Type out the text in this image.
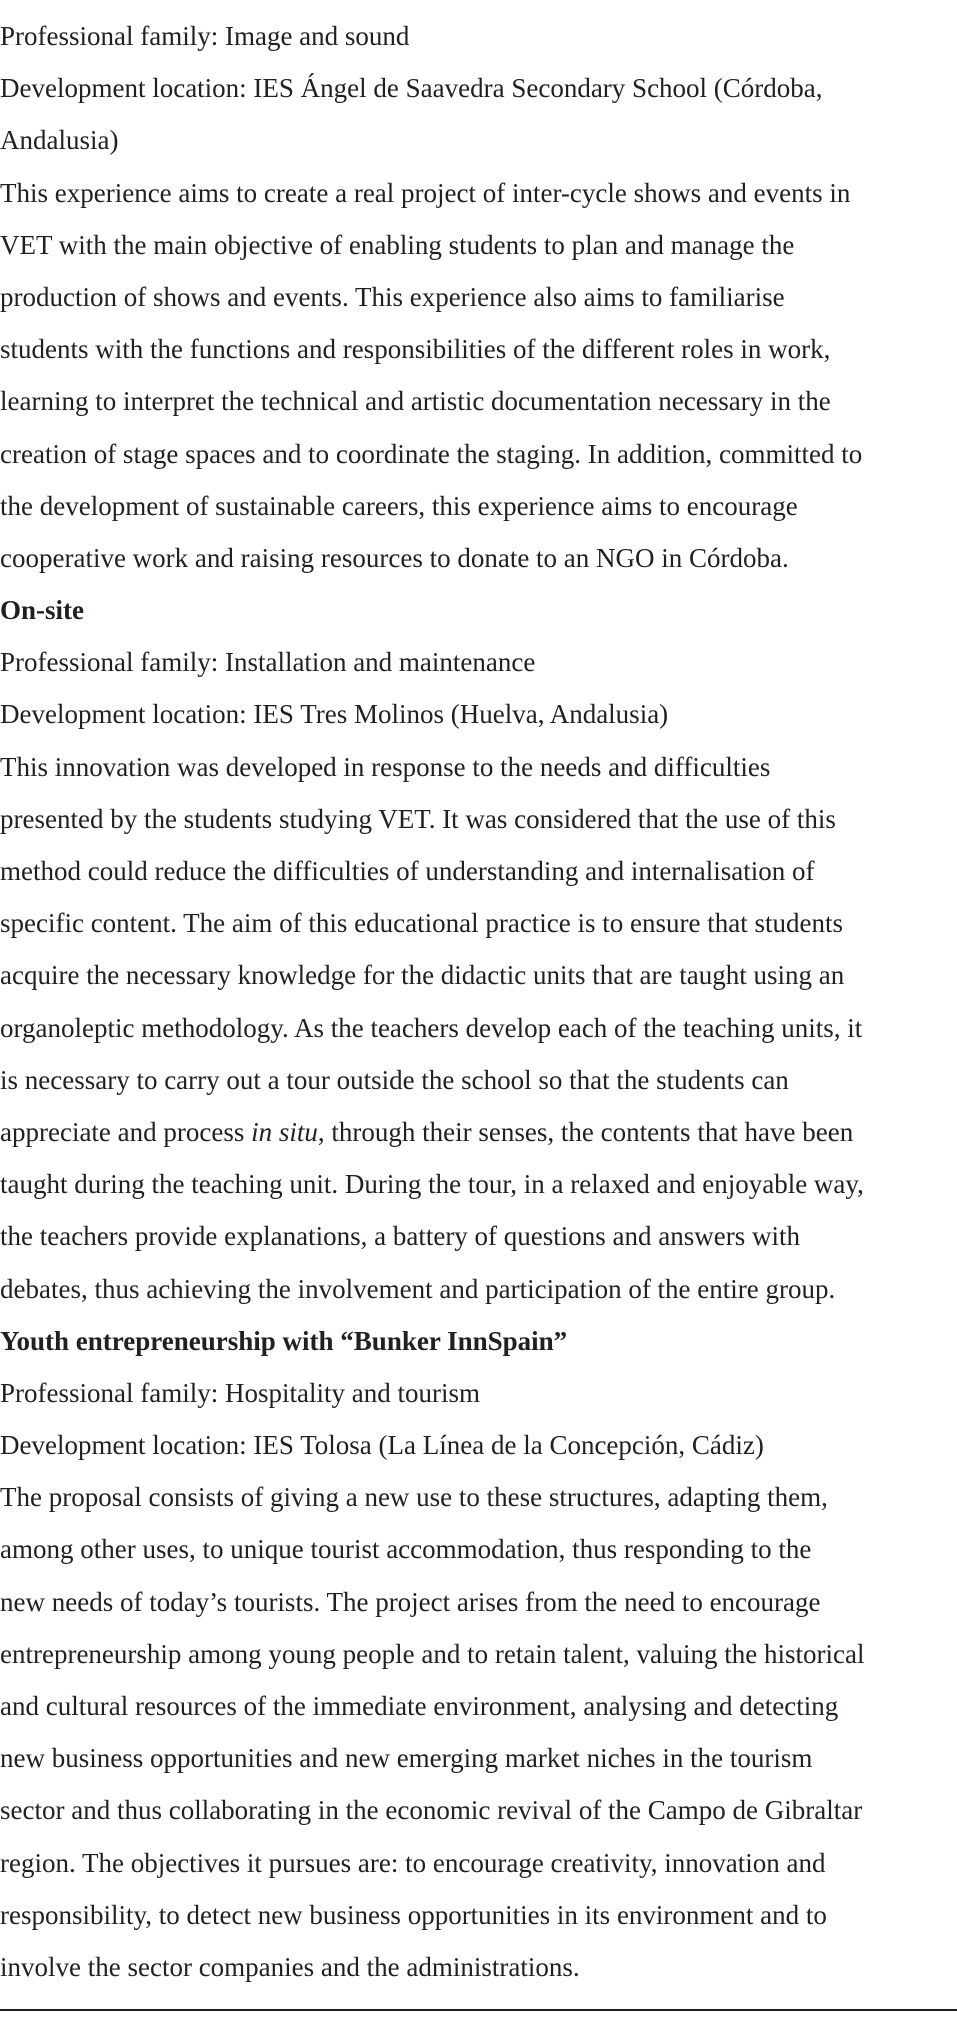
Professional family: Image and sound
Development location: IES Ángel de Saavedra Secondary School (Córdoba,
Andalusia)
This experience aims to create a real project of inter-cycle shows and events in
VET with the main objective of enabling students to plan and manage the
production of shows and events. This experience also aims to familiarise
students with the functions and responsibilities of the different roles in work,
learning to interpret the technical and artistic documentation necessary in the
creation of stage spaces and to coordinate the staging. In addition, committed to
the development of sustainable careers, this experience aims to encourage
cooperative work and raising resources to donate to an NGO in Córdoba.
On-site
Professional family: Installation and maintenance
Development location: IES Tres Molinos (Huelva, Andalusia)
This innovation was developed in response to the needs and difficulties
presented by the students studying VET. It was considered that the use of this
method could reduce the difficulties of understanding and internalisation of
specific content. The aim of this educational practice is to ensure that students
acquire the necessary knowledge for the didactic units that are taught using an
organoleptic methodology. As the teachers develop each of the teaching units, it
is necessary to carry out a tour outside the school so that the students can
appreciate and process in situ, through their senses, the contents that have been
taught during the teaching unit. During the tour, in a relaxed and enjoyable way,
the teachers provide explanations, a battery of questions and answers with
debates, thus achieving the involvement and participation of the entire group.
Youth entrepreneurship with “Bunker InnSpain”
Professional family: Hospitality and tourism
Development location: IES Tolosa (La Línea de la Concepción, Cádiz)
The proposal consists of giving a new use to these structures, adapting them,
among other uses, to unique tourist accommodation, thus responding to the
new needs of today’s tourists. The project arises from the need to encourage
entrepreneurship among young people and to retain talent, valuing the historical
and cultural resources of the immediate environment, analysing and detecting
new business opportunities and new emerging market niches in the tourism
sector and thus collaborating in the economic revival of the Campo de Gibraltar
region. The objectives it pursues are: to encourage creativity, innovation and
responsibility, to detect new business opportunities in its environment and to
involve the sector companies and the administrations.
